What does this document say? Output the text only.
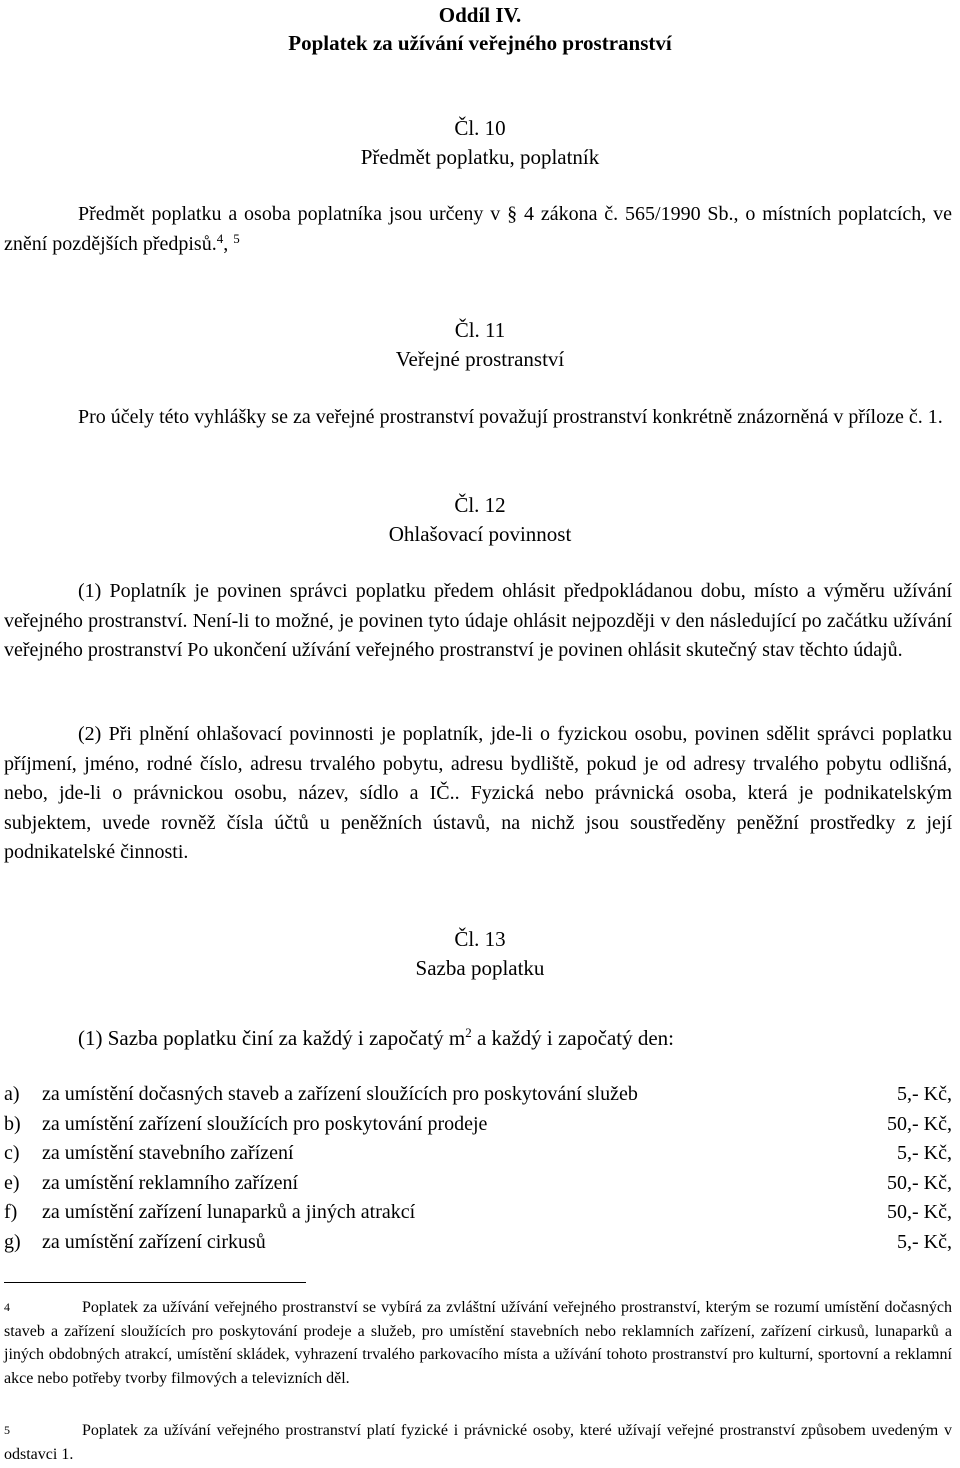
Oddíl IV.
Poplatek za užívání veřejného prostranství
Čl. 10
Předmět poplatku, poplatník

Předmět poplatku a osoba poplatníka jsou určeny v § 4 zákona č. 565/1990 Sb., o místních poplatcích, ve znění pozdějších předpisů.$^4$, $^5$

Čl. 11
Veřejné prostranství

Pro účely této vyhlášky se za veřejné prostranství považují prostranství konkrétně znázorněná v příloze č. 1.

Čl. 12
Ohlašovací povinnost

(1) Poplatník je povinen správci poplatku předem ohlásit předpokládanou dobu, místo a výměru užívání veřejného prostranství. Není-li to možné, je povinen tyto údaje ohlásit nejpozději v den následující po začátku užívání veřejného prostranství Po ukončení užívání veřejného prostranství je povinen ohlásit skutečný stav těchto údajů.

(2) Při plnění ohlašovací povinnosti je poplatník, jde-li o fyzickou osobu, povinen sdělit správci poplatku příjmení, jméno, rodné číslo, adresu trvalého pobytu, adresu bydliště, pokud je od adresy trvalého pobytu odlišná, nebo, jde-li o právnickou osobu, název, sídlo a IČ.. Fyzická nebo právnická osoba, která je podnikatelským subjektem, uvede rovněž čísla účtů u peněžních ústavů, na nichž jsou soustředěny peněžní prostředky z její podnikatelské činnosti.

Čl. 13
Sazba poplatku

(1) Sazba poplatku činí za každý i započatý $m^2$ a každý i započatý den:

a) za umístění dočasných staveb a zařízení sloužících pro poskytování služeb	5,- Kč,
b) za umístění zařízení sloužících pro poskytování prodeje	50,- Kč,
c) za umístění stavebního zařízení	5,- Kč,
e) za umístění reklamního zařízení	50,- Kč,
f) za umístění zařízení lunaparků a jiných atrakcí	50,- Kč,
g) za umístění zařízení cirkusů	5,- Kč,

4	Poplatek za užívání veřejného prostranství se vybírá za zvláštní užívání veřejného prostranství, kterým se rozumí umístění dočasných staveb a zařízení sloužících pro poskytování prodeje a služeb, pro umístění stavebních nebo reklamních zařízení, zařízení cirkusů, lunaparků a jiných obdobných atrakcí, umístění skládek, vyhrazení trvalého parkovacího místa a užívání tohoto prostranství pro kulturní, sportovní a reklamní akce nebo potřeby tvorby filmových a televizních děl.

5	Poplatek za užívání veřejného prostranství platí fyzické i právnické osoby, které užívají veřejné prostranství způsobem uvedeným v odstavci 1.
